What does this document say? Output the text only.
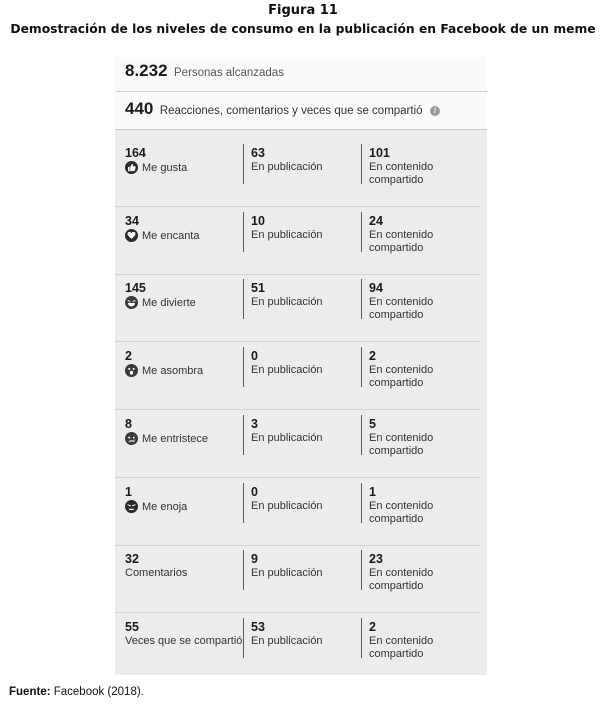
Figura 11
Demostración de los niveles de consumo en la publicación en Facebook de un meme
8.232 Personas alcanzadas
440 Reacciones, comentarios y veces que se compartió i
164
Me gusta
63
En publicación
101
En contenido compartido
34
Me encanta
10
En publicación
24
En contenido compartido
145
Me divierte
51
En publicación
94
En contenido compartido
2
Me asombra
0
En publicación
2
En contenido compartido
8
Me entristece
3
En publicación
5
En contenido compartido
1
Me enoja
0
En publicación
1
En contenido compartido
32
Comentarios
9
En publicación
23
En contenido compartido
55
Veces que se compartió
53
En publicación
2
En contenido compartido
Fuente: Facebook (2018).
